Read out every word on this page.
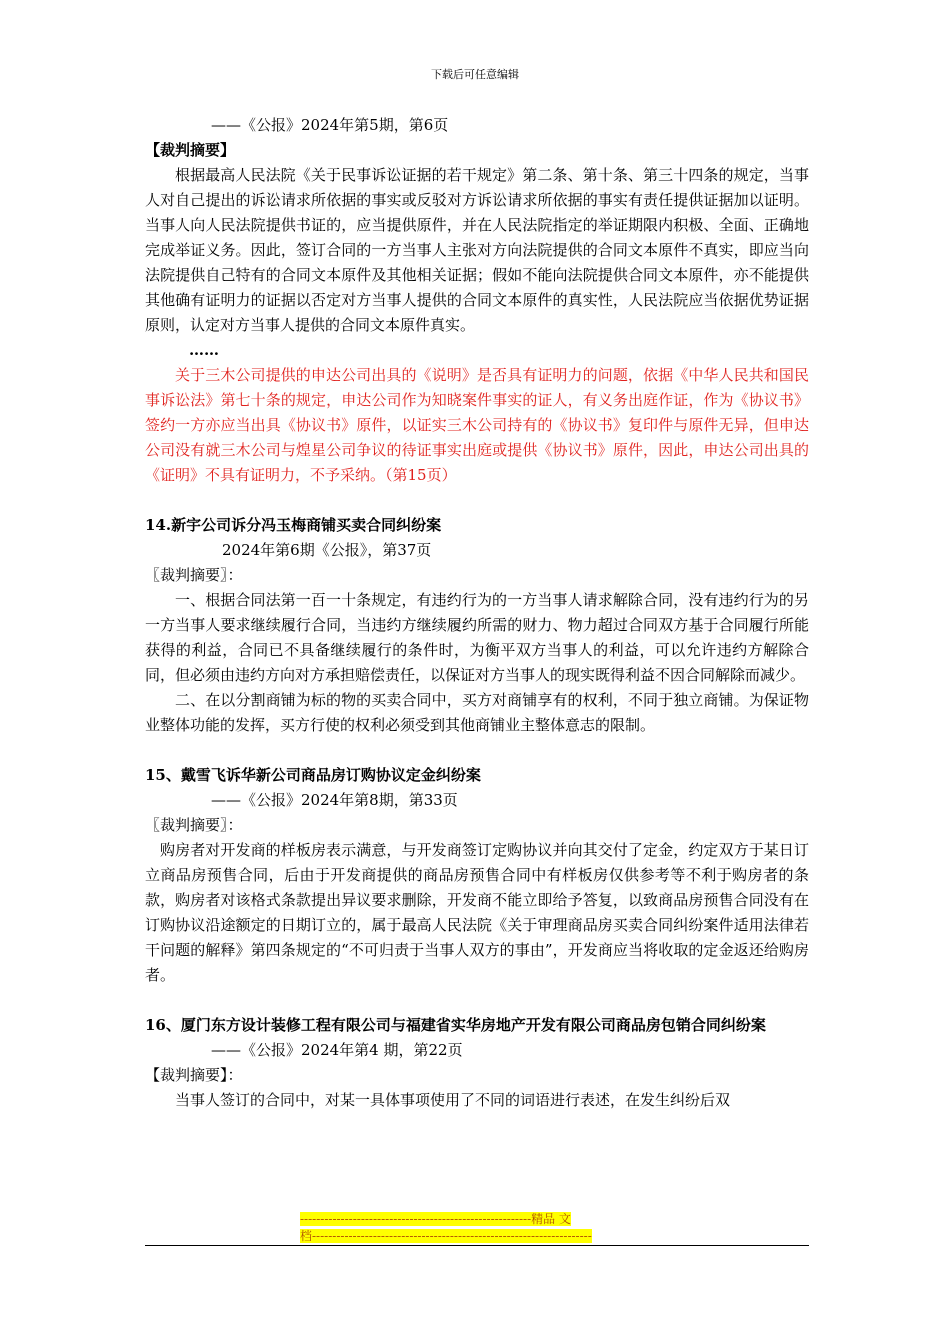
下载后可任意编辑
——《公报》2024年第5期，第6页
【裁判摘要】
根据最高人民法院《关于民事诉讼证据的若干规定》第二条、第十条、第三十四条的规定，当事人对自己提出的诉讼请求所依据的事实或反驳对方诉讼请求所依据的事实有责任提供证据加以证明。当事人向人民法院提供书证的，应当提供原件，并在人民法院指定的举证期限内积极、全面、正确地完成举证义务。因此，签订合同的一方当事人主张对方向法院提供的合同文本原件不真实，即应当向法院提供自己特有的合同文本原件及其他相关证据；假如不能向法院提供合同文本原件，亦不能提供其他确有证明力的证据以否定对方当事人提供的合同文本原件的真实性，人民法院应当依据优势证据原则，认定对方当事人提供的合同文本原件真实。
……
关于三木公司提供的申达公司出具的《说明》是否具有证明力的问题，依据《中华人民共和国民事诉讼法》第七十条的规定，申达公司作为知晓案件事实的证人，有义务出庭作证，作为《协议书》签约一方亦应当出具《协议书》原件，以证实三木公司持有的《协议书》复印件与原件无异，但申达公司没有就三木公司与煌星公司争议的待证事实出庭或提供《协议书》原件，因此，申达公司出具的《证明》不具有证明力，不予采纳。（第15页）
14.新宇公司诉分冯玉梅商铺买卖合同纠纷案
2024年第6期《公报》，第37页
〖裁判摘要〗：
一、根据合同法第一百一十条规定，有违约行为的一方当事人请求解除合同，没有违约行为的另一方当事人要求继续履行合同，当违约方继续履约所需的财力、物力超过合同双方基于合同履行所能获得的利益，合同已不具备继续履行的条件时，为衡平双方当事人的利益，可以允许违约方解除合同，但必须由违约方向对方承担赔偿责任，以保证对方当事人的现实既得利益不因合同解除而减少。
二、在以分割商铺为标的物的买卖合同中，买方对商铺享有的权利，不同于独立商铺。为保证物业整体功能的发挥，买方行使的权利必须受到其他商铺业主整体意志的限制。
15、戴雪飞诉华新公司商品房订购协议定金纠纷案
——《公报》2024年第8期，第33页
〖裁判摘要〗：
购房者对开发商的样板房表示满意，与开发商签订定购协议并向其交付了定金，约定双方于某日订立商品房预售合同，后由于开发商提供的商品房预售合同中有样板房仅供参考等不利于购房者的条款，购房者对该格式条款提出异议要求删除，开发商不能立即给予答复，以致商品房预售合同没有在订购协议沿途额定的日期订立的，属于最高人民法院《关于审理商品房买卖合同纠纷案件适用法律若干问题的解释》第四条规定的“不可归责于当事人双方的事由”，开发商应当将收取的定金返还给购房者。
16、厦门东方设计装修工程有限公司与福建省实华房地产开发有限公司商品房包销合同纠纷案
——《公报》2024年第4 期，第22页
【裁判摘要】：
当事人签订的合同中，对某一具体事项使用了不同的词语进行表述，在发生纠纷后双
---------------------------------------------------------精品 文
档---------------------------------------------------------------------
